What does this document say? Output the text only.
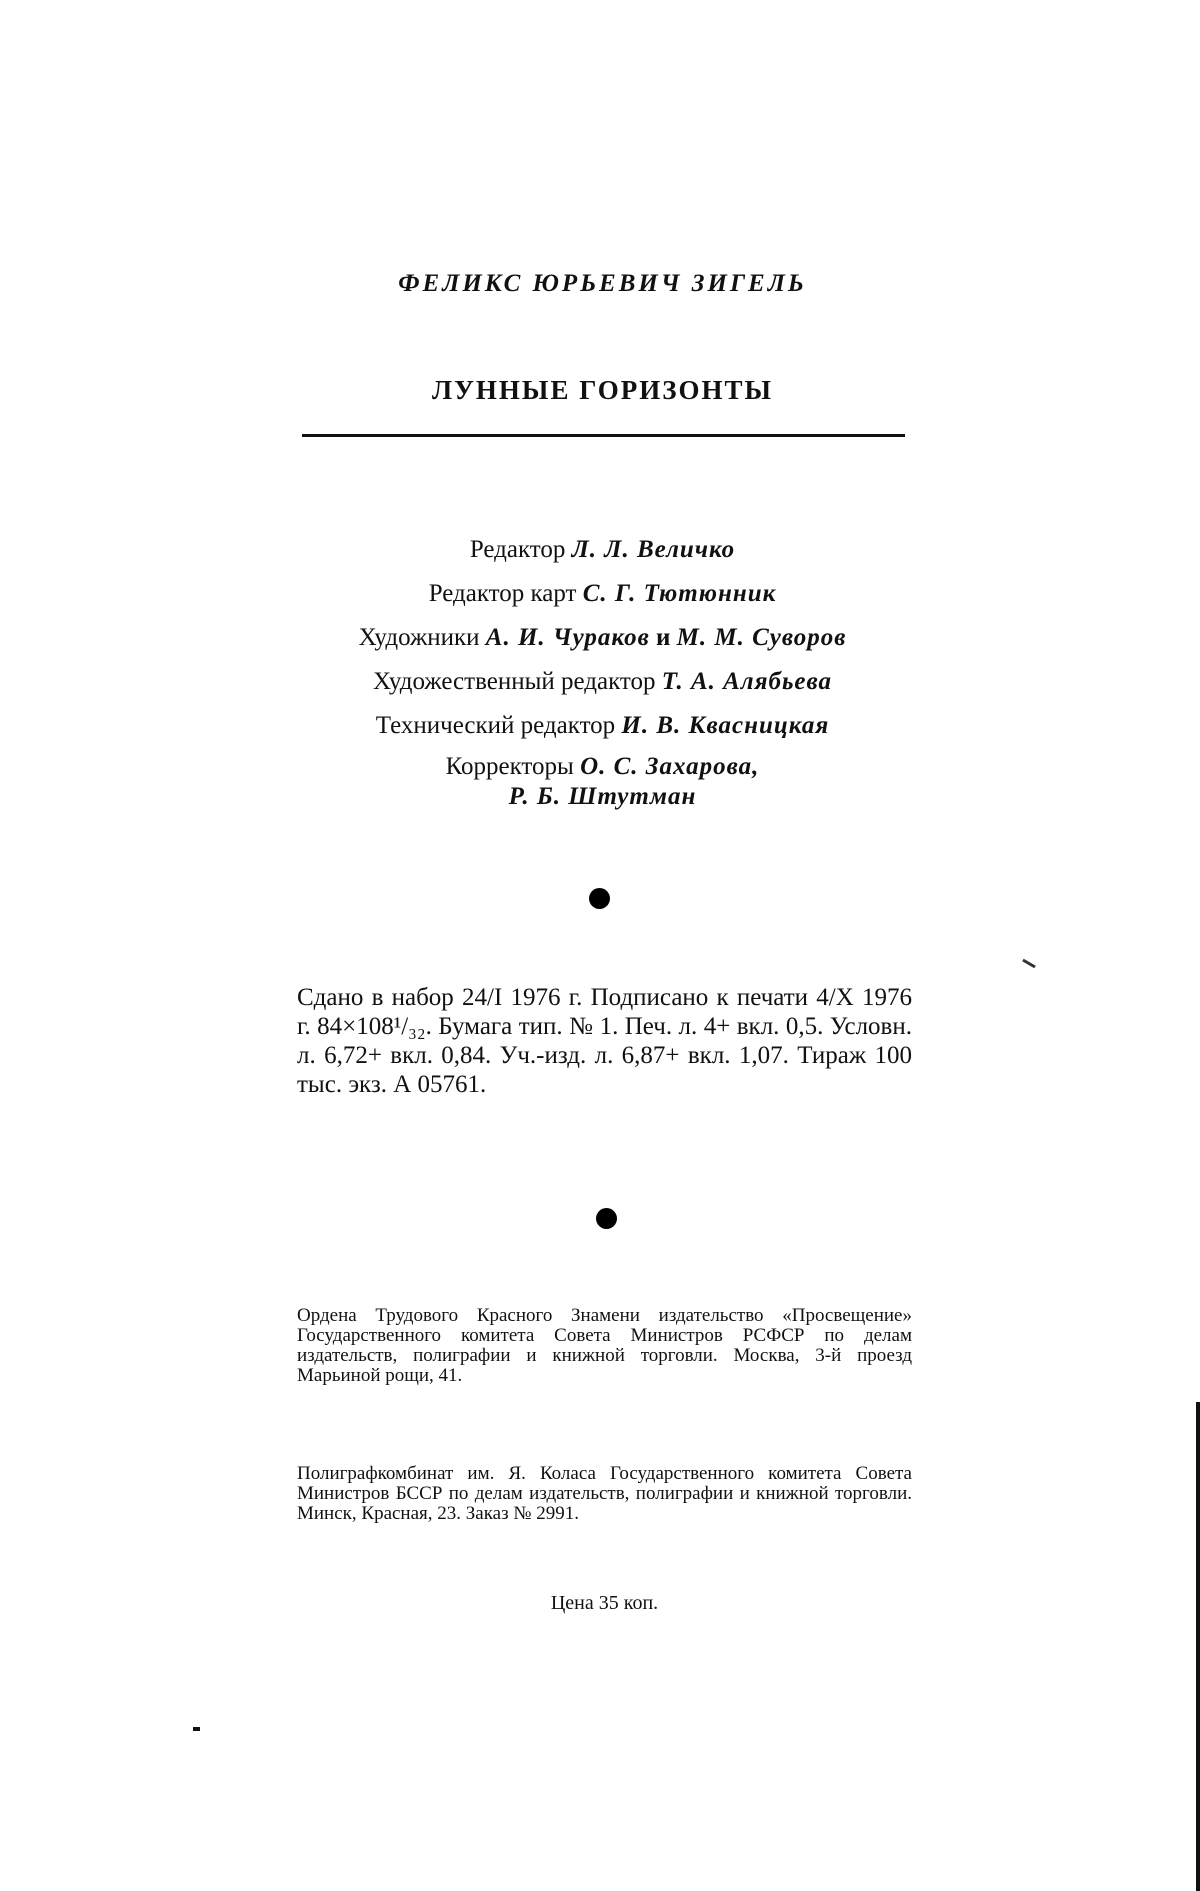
ФЕЛИКС ЮРЬЕВИЧ ЗИГЕЛЬ
ЛУННЫЕ ГОРИЗОНТЫ
Редактор Л. Л. Величко
Редактор карт С. Г. Тютюнник
Художники А. И. Чураков и М. М. Суворов
Художественный редактор Т. А. Алябьева
Технический редактор И. В. Квасницкая
Корректоры О. С. Захарова,
Р. Б. Штутман
Сдано в набор 24/I 1976 г. Подписано к печати 4/X 1976 г. 84×108¹/₃₂. Бумага тип. № 1. Печ. л. 4+ вкл. 0,5. Условн. л. 6,72+ вкл. 0,84. Уч.-изд. л. 6,87+ вкл. 1,07. Тираж 100 тыс. экз. А 05761.
Ордена Трудового Красного Знамени издательство «Просвещение» Государственного комитета Совета Министров РСФСР по делам издательств, полиграфии и книжной торговли. Москва, 3-й проезд Марьиной рощи, 41.
Полиграфкомбинат им. Я. Коласа Государственного комитета Совета Министров БССР по делам издательств, полиграфии и книжной торговли. Минск, Красная, 23. Заказ № 2991.
Цена 35 коп.
